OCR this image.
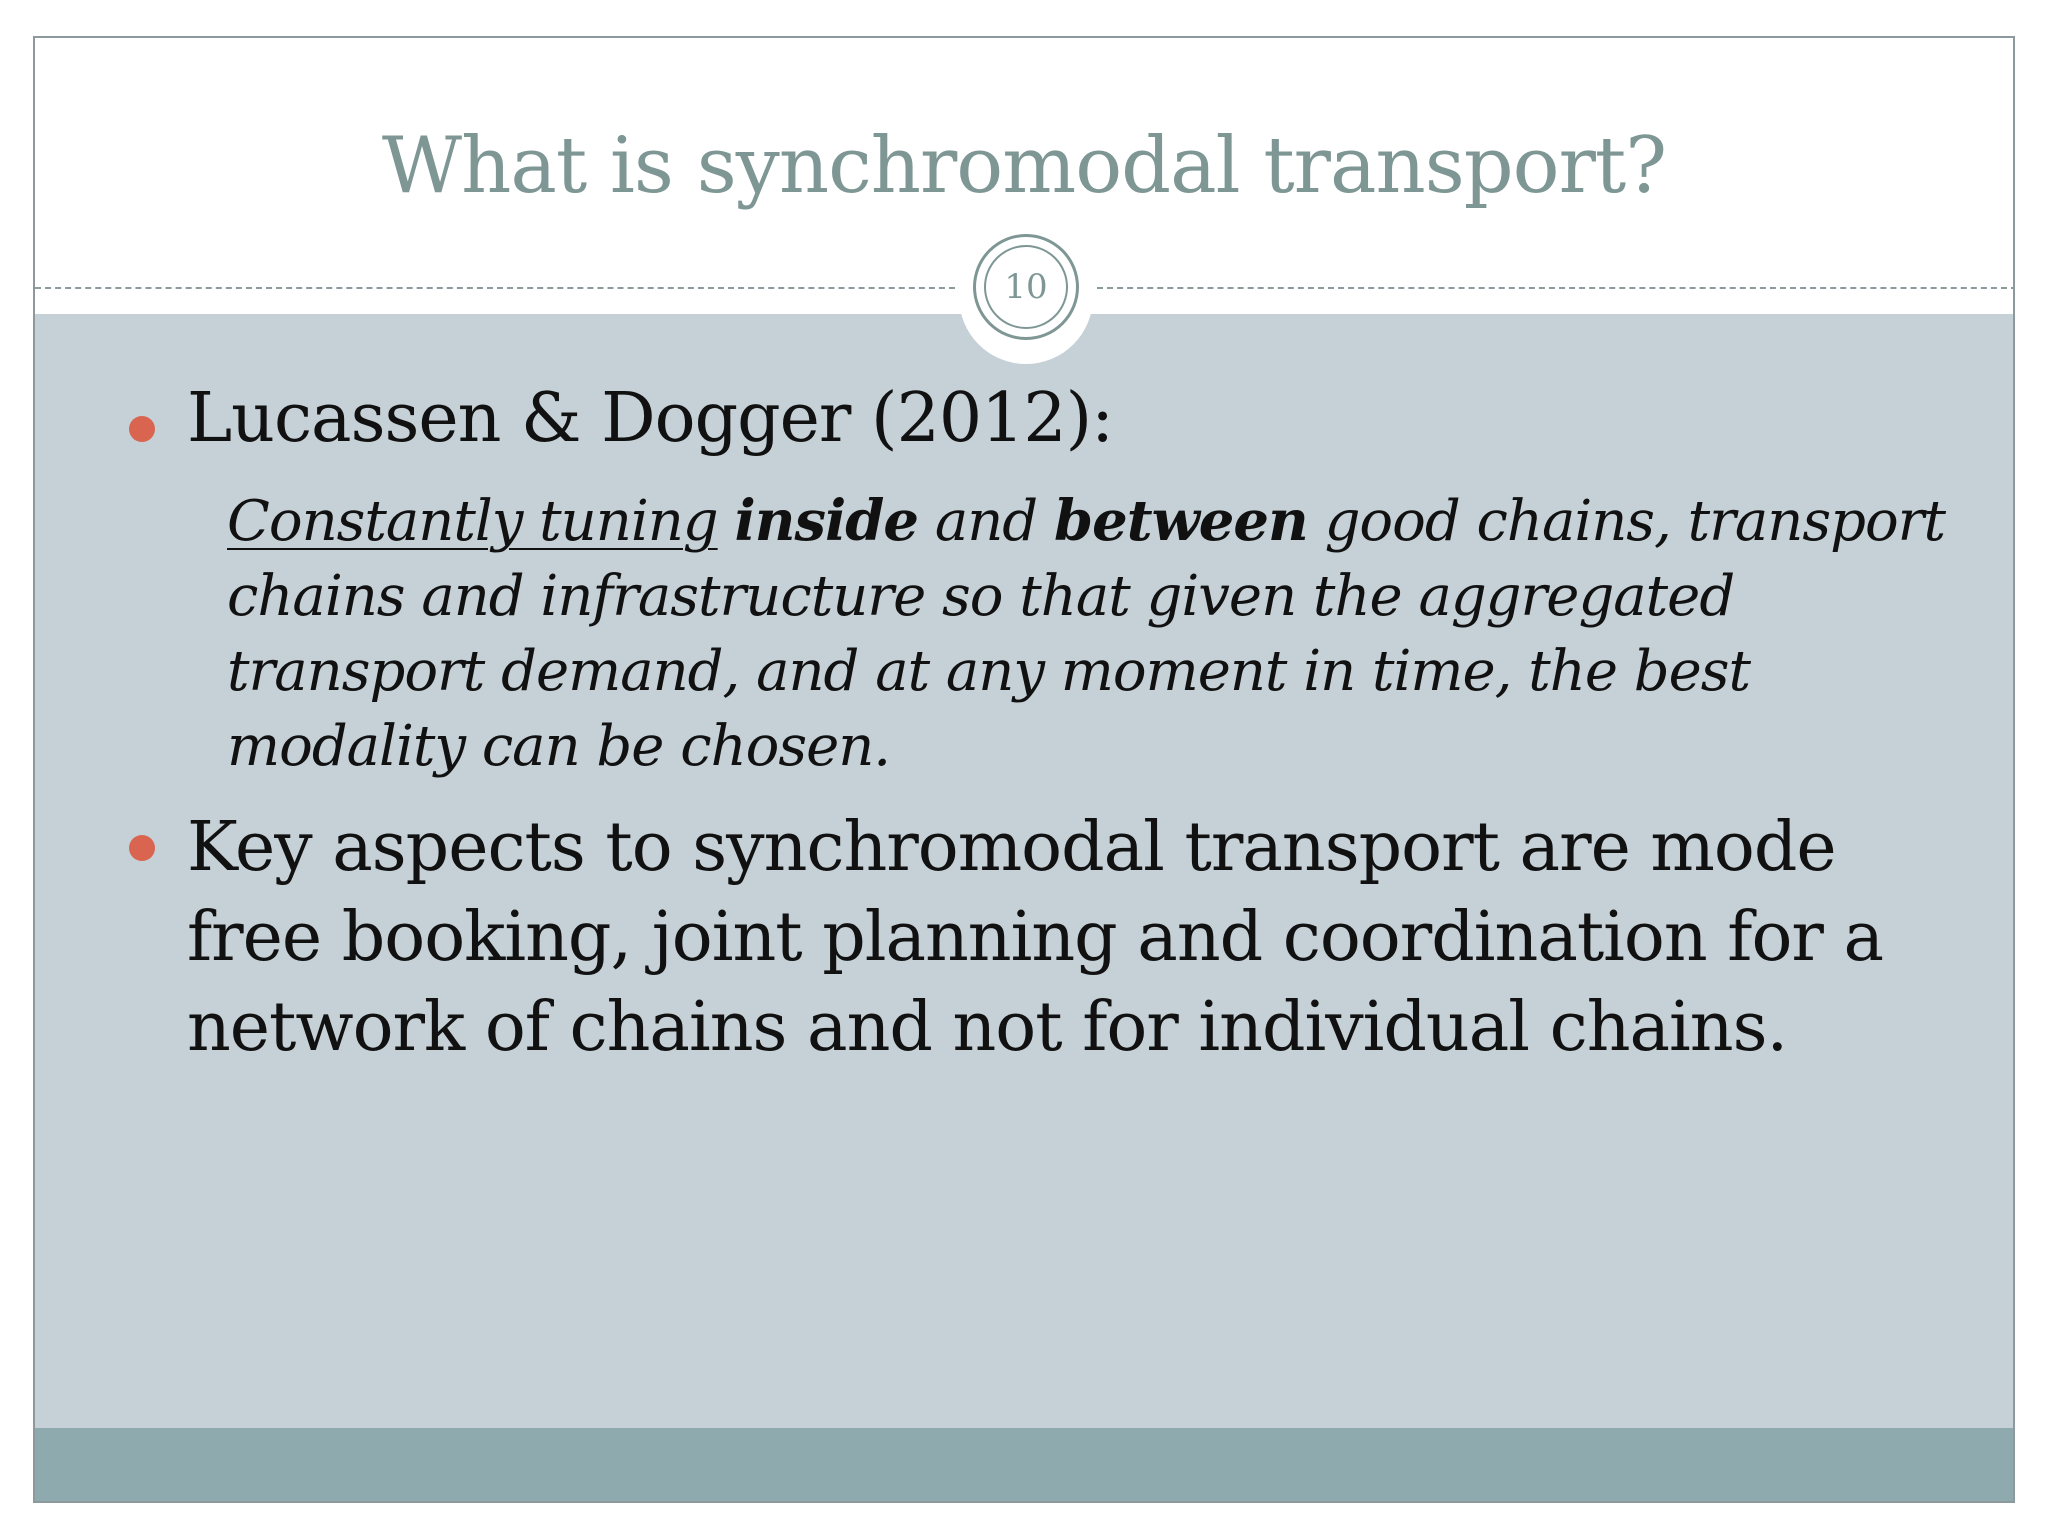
What is synchromodal transport?
10
Lucassen & Dogger (2012):
Constantly tuning inside and between good chains, transport chains and infrastructure so that given the aggregated transport demand, and at any moment in time, the best modality can be chosen.
Key aspects to synchromodal transport are mode free booking, joint planning and coordination for a network of chains and not for individual chains.
